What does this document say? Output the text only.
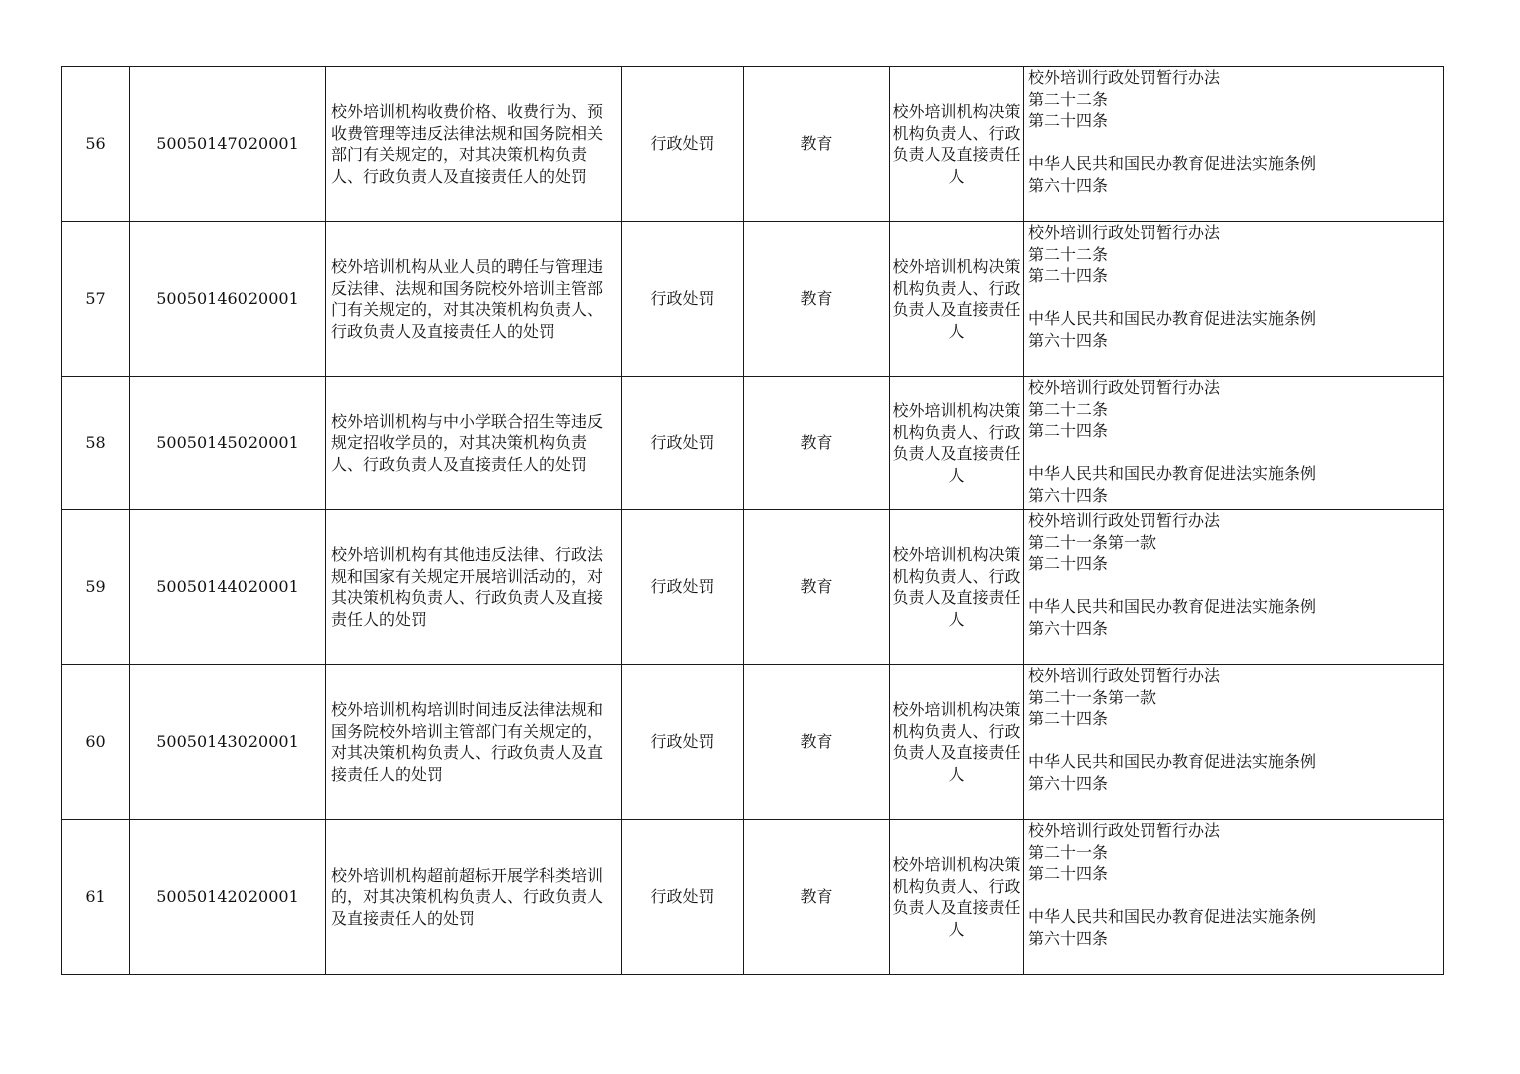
56	50050147020001	校外培训机构收费价格、收费行为、预收费管理等违反法律法规和国务院相关部门有关规定的，对其决策机构负责人、行政负责人及直接责任人的处罚	行政处罚	教育	校外培训机构决策机构负责人、行政负责人及直接责任人	校外培训行政处罚暂行办法
第二十二条
第二十四条
中华人民共和国民办教育促进法实施条例
第六十四条

57	50050146020001	校外培训机构从业人员的聘任与管理违反法律、法规和国务院校外培训主管部门有关规定的，对其决策机构负责人、行政负责人及直接责任人的处罚	行政处罚	教育	校外培训机构决策机构负责人、行政负责人及直接责任人	校外培训行政处罚暂行办法
第二十二条
第二十四条
中华人民共和国民办教育促进法实施条例
第六十四条

58	50050145020001	校外培训机构与中小学联合招生等违反规定招收学员的，对其决策机构负责人、行政负责人及直接责任人的处罚	行政处罚	教育	校外培训机构决策机构负责人、行政负责人及直接责任人	校外培训行政处罚暂行办法
第二十二条
第二十四条
中华人民共和国民办教育促进法实施条例
第六十四条

59	50050144020001	校外培训机构有其他违反法律、行政法规和国家有关规定开展培训活动的，对其决策机构负责人、行政负责人及直接责任人的处罚	行政处罚	教育	校外培训机构决策机构负责人、行政负责人及直接责任人	校外培训行政处罚暂行办法
第二十一条第一款
第二十四条
中华人民共和国民办教育促进法实施条例
第六十四条

60	50050143020001	校外培训机构培训时间违反法律法规和国务院校外培训主管部门有关规定的，对其决策机构负责人、行政负责人及直接责任人的处罚	行政处罚	教育	校外培训机构决策机构负责人、行政负责人及直接责任人	校外培训行政处罚暂行办法
第二十一条第一款
第二十四条
中华人民共和国民办教育促进法实施条例
第六十四条

61	50050142020001	校外培训机构超前超标开展学科类培训的，对其决策机构负责人、行政负责人及直接责任人的处罚	行政处罚	教育	校外培训机构决策机构负责人、行政负责人及直接责任人	校外培训行政处罚暂行办法
第二十一条
第二十四条
中华人民共和国民办教育促进法实施条例
第六十四条
